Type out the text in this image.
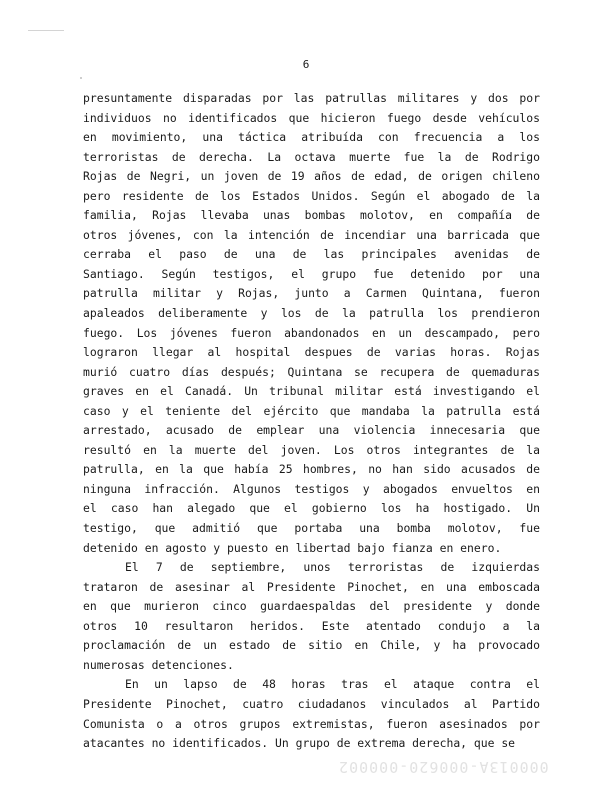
6
presuntamente disparadas por las patrullas militares y dos por
individuos no identificados que hicieron fuego desde vehículos
en movimiento, una táctica atribuída con frecuencia a los
terroristas de derecha. La octava muerte fue la de Rodrigo
Rojas de Negri, un joven de 19 años de edad, de origen chileno
pero residente de los Estados Unidos. Según el abogado de la
familia, Rojas llevaba unas bombas molotov, en compañía de
otros jóvenes, con la intención de incendiar una barricada que
cerraba el paso de una de las principales avenidas de
Santiago. Según testigos, el grupo fue detenido por una
patrulla militar y Rojas, junto a Carmen Quintana, fueron
apaleados deliberamente y los de la patrulla los prendieron
fuego. Los jóvenes fueron abandonados en un descampado, pero
lograron llegar al hospital despues de varias horas. Rojas
murió cuatro días después; Quintana se recupera de quemaduras
graves en el Canadá. Un tribunal militar está investigando el
caso y el teniente del ejército que mandaba la patrulla está
arrestado, acusado de emplear una violencia innecesaria que
resultó en la muerte del joven. Los otros integrantes de la
patrulla, en la que había 25 hombres, no han sido acusados de
ninguna infracción. Algunos testigos y abogados envueltos en
el caso han alegado que el gobierno los ha hostigado. Un
testigo, que admitió que portaba una bomba molotov, fue
detenido en agosto y puesto en libertad bajo fianza en enero.
El 7 de septiembre, unos terroristas de izquierdas
trataron de asesinar al Presidente Pinochet, en una emboscada
en que murieron cinco guardaespaldas del presidente y donde
otros 10 resultaron heridos. Este atentado condujo a la
proclamación de un estado de sitio en Chile, y ha provocado
numerosas detenciones.
En un lapso de 48 horas tras el ataque contra el
Presidente Pinochet, cuatro ciudadanos vinculados al Partido
Comunista o a otros grupos extremistas, fueron asesinados por
atacantes no identificados. Un grupo de extrema derecha, que se
000013A-000620-000002
